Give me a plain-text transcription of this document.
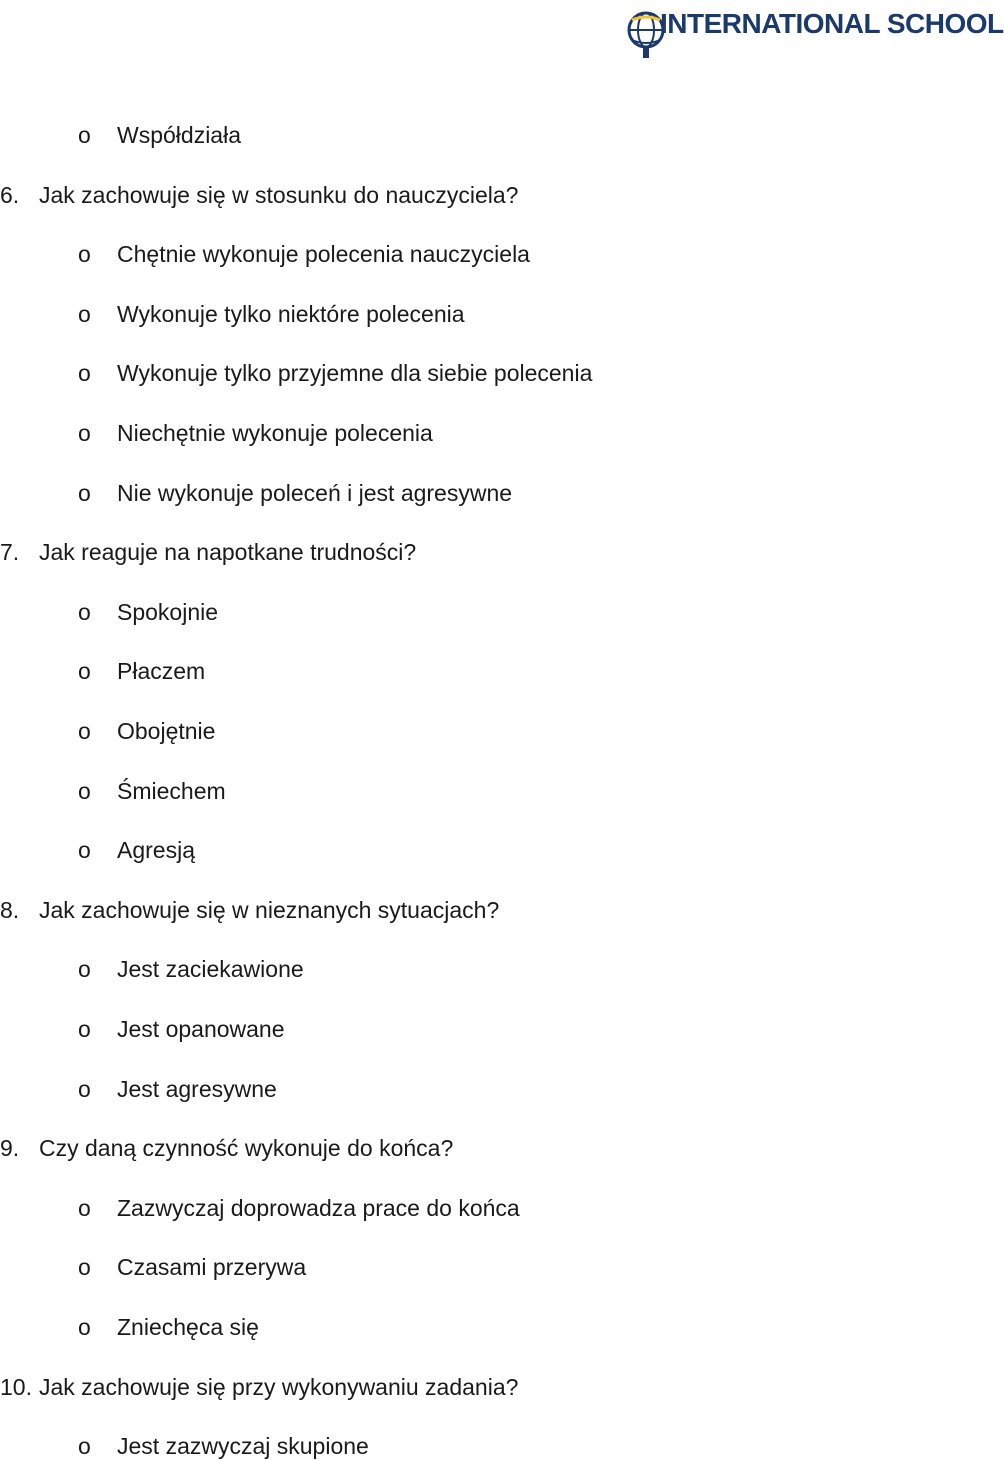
INTERNATIONAL SCHOOL
o	Współdziała
6. Jak zachowuje się w stosunku do nauczyciela?
o	Chętnie wykonuje polecenia nauczyciela
o	Wykonuje tylko niektóre polecenia
o	Wykonuje tylko przyjemne dla siebie polecenia
o	Niechętnie wykonuje polecenia
o	Nie wykonuje poleceń i jest agresywne
7. Jak reaguje na napotkane trudności?
o	Spokojnie
o	Płaczem
o	Obojętnie
o	Śmiechem
o	Agresją
8. Jak zachowuje się w nieznanych sytuacjach?
o	Jest zaciekawione
o	Jest opanowane
o	Jest agresywne
9. Czy daną czynność wykonuje do końca?
o	Zazwyczaj doprowadza prace do końca
o	Czasami przerywa
o	Zniechęca się
10. Jak zachowuje się przy wykonywaniu zadania?
o	Jest zazwyczaj skupione
